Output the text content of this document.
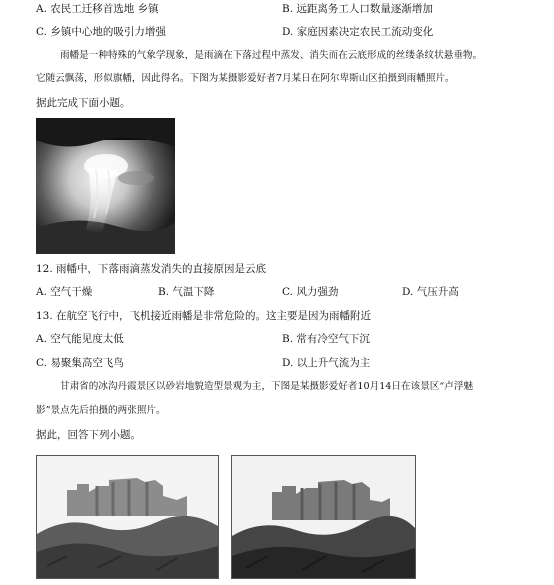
A. 农民工迁移首选地 乡镇	B. 远距离务工人口数量逐渐增加
C. 乡镇中心地的吸引力增强	D. 家庭因素决定农民工流动变化
雨幡是一种特殊的气象学现象，是雨滴在下落过程中蒸发、消失而在云底形成的丝缕条纹状悬垂物。
它随云飘荡，形似旗幡，因此得名。下图为某摄影爱好者7月某日在阿尔卑斯山区拍摄到雨幡照片。
据此完成下面小题。
12. 雨幡中，下落雨滴蒸发消失的直接原因是云底
A. 空气干燥	B. 气温下降	C. 风力强劲	D. 气压升高
13. 在航空飞行中，飞机接近雨幡是非常危险的。这主要是因为雨幡附近
A. 空气能见度太低	B. 常有冷空气下沉
C. 易聚集高空飞鸟	D. 以上升气流为主
甘肃省的冰沟丹霞景区以砂岩地貌造型景观为主，下图是某摄影爱好者10月14日在该景区“卢浮魅
影”景点先后拍摄的两张照片。
据此，回答下列小题。
